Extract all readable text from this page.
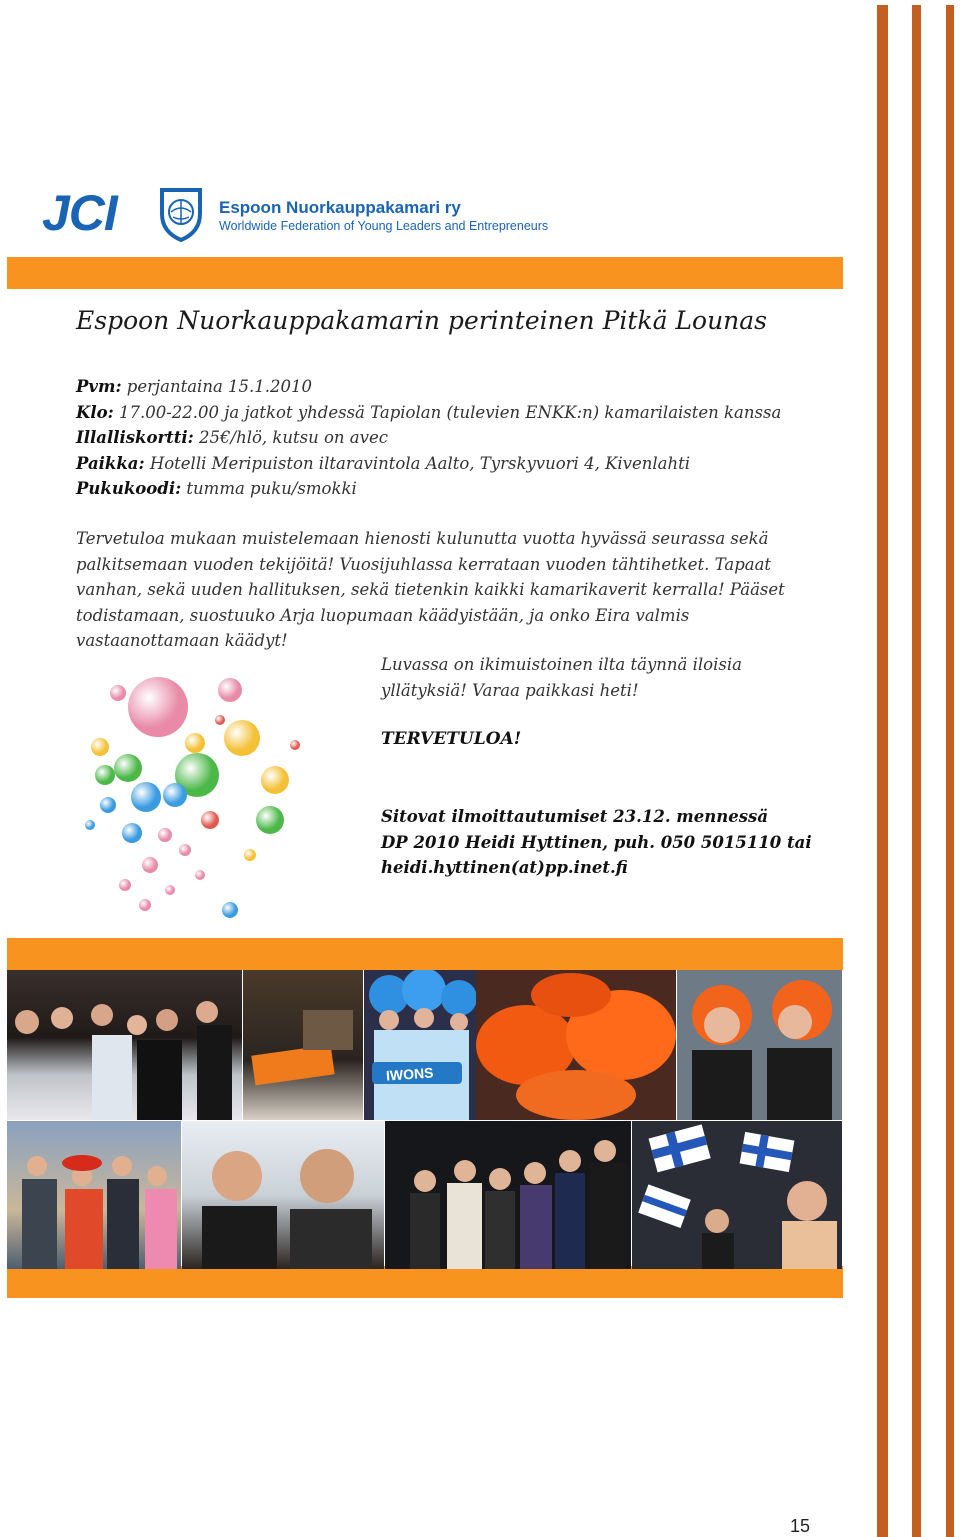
JCI	Espoon Nuorkauppakamari ry
Worldwide Federation of Young Leaders and Entrepreneurs
Espoon Nuorkauppakamarin perinteinen Pitkä Lounas
Pvm: perjantaina 15.1.2010
Klo: 17.00-22.00 ja jatkot yhdessä Tapiolan (tulevien ENKK:n) kamarilaisten kanssa
Illalliskortti: 25€/hlö, kutsu on avec
Paikka: Hotelli Meripuiston iltaravintola Aalto, Tyrskyvuori 4, Kivenlahti
Pukukoodi: tumma puku/smokki
Tervetuloa mukaan muistelemaan hienosti kulunutta vuotta hyvässä seurassa sekä palkitsemaan vuoden tekijöitä! Vuosijuhlassa kerrataan vuoden tähtihetket. Tapaat vanhan, sekä uuden hallituksen, sekä tietenkin kaikki kamarikaverit kerralla! Pääset todistamaan, suostuuko Arja luopumaan käädyistään, ja onko Eira valmis vastaanottamaan käädyt!
Luvassa on ikimuistoinen ilta täynnä iloisia yllätyksiä! Varaa paikkasi heti!
TERVETULOA!
Sitovat ilmoittautumiset 23.12. mennessä
DP 2010 Heidi Hyttinen, puh. 050 5015110 tai
heidi.hyttinen(at)pp.inet.fi
IWONS
15
